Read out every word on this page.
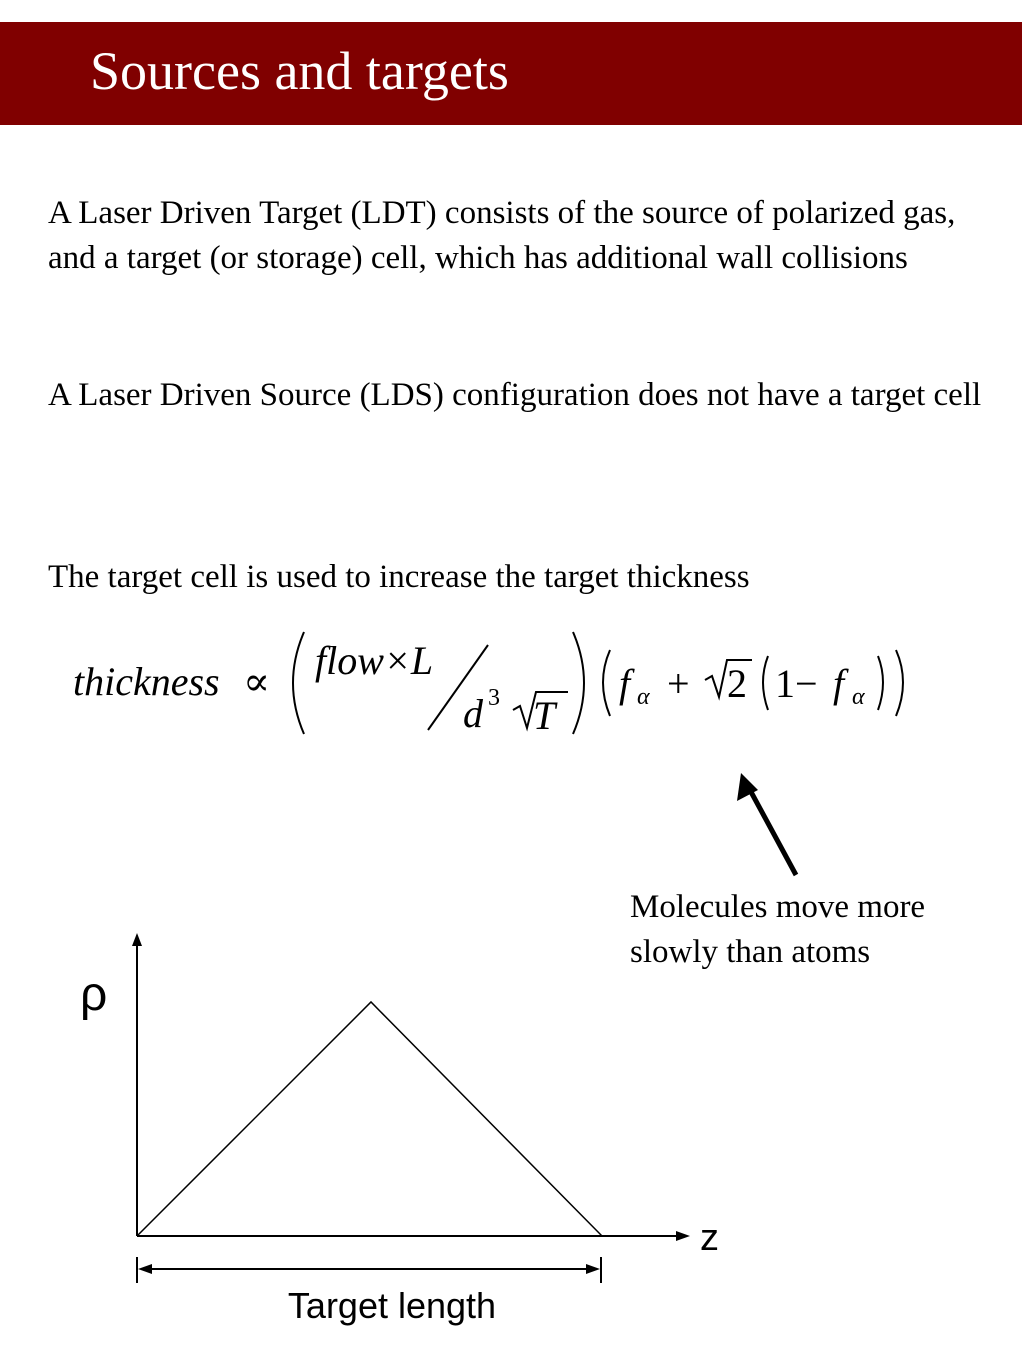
Sources and targets

A Laser Driven Target (LDT) consists of the source of polarized gas, and a target (or storage) cell, which has additional wall collisions

A Laser Driven Source (LDS) configuration does not have a target cell

The target cell is used to increase the target thickness

thickness ∝ flow×L
d 3 T
f α + 2 1− f α
ρ
z
Target length
Molecules move more slowly than atoms
